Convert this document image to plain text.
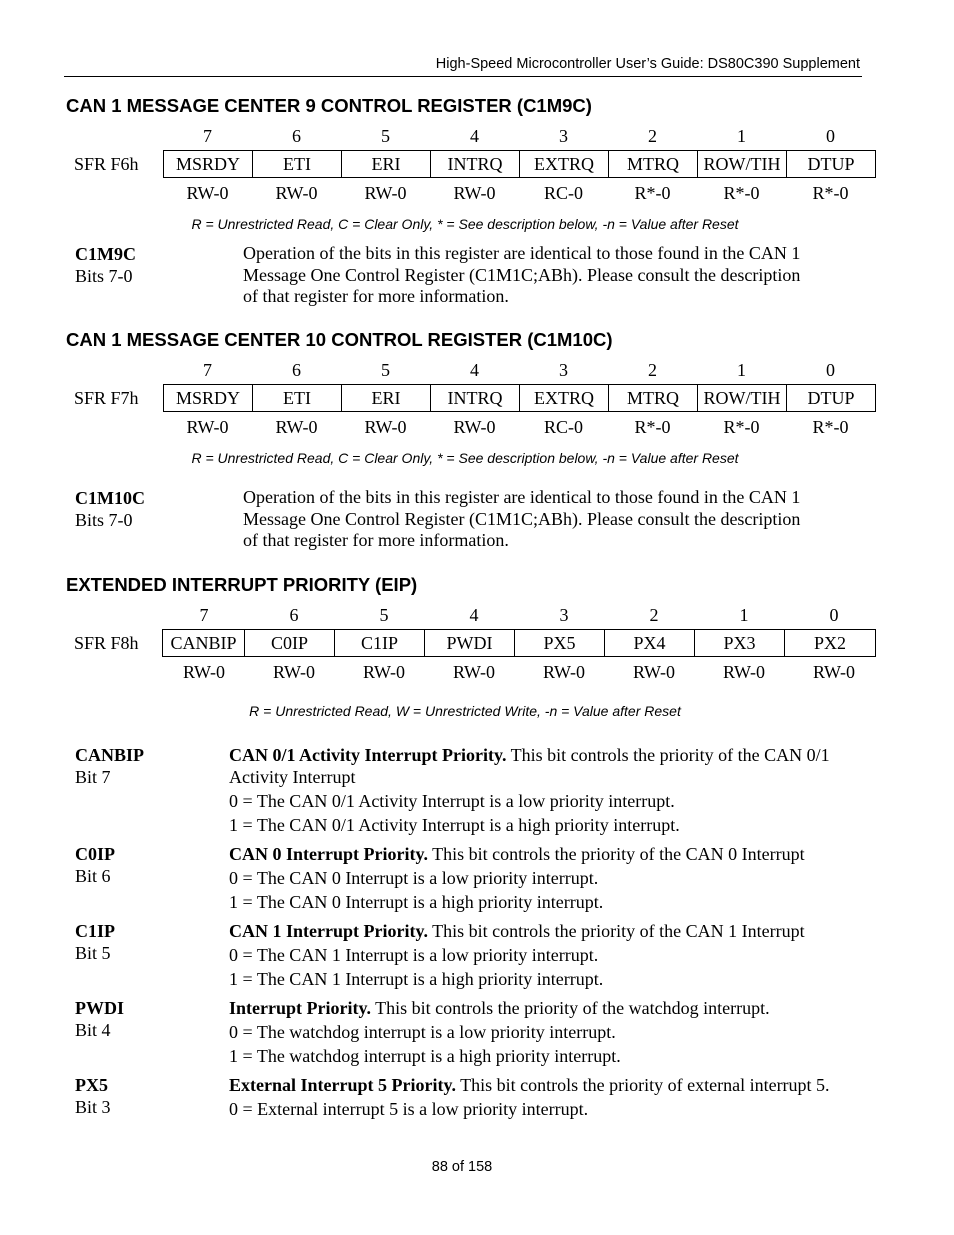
High-Speed Microcontroller User’s Guide: DS80C390 Supplement
CAN 1 MESSAGE CENTER 9 CONTROL REGISTER (C1M9C)
7	6	5	4	3	2	1	0
SFR F6h	MSRDY	ETI	ERI	INTRQ	EXTRQ	MTRQ	ROW/TIH	DTUP
RW-0	RW-0	RW-0	RW-0	RC-0	R*-0	R*-0	R*-0
R = Unrestricted Read, C = Clear Only, * = See description below, -n = Value after Reset
C1M9C
Bits 7-0
Operation of the bits in this register are identical to those found in the CAN 1
Message One Control Register (C1M1C;ABh). Please consult the description
of that register for more information.
CAN 1 MESSAGE CENTER 10 CONTROL REGISTER (C1M10C)
7	6	5	4	3	2	1	0
SFR F7h	MSRDY	ETI	ERI	INTRQ	EXTRQ	MTRQ	ROW/TIH	DTUP
RW-0	RW-0	RW-0	RW-0	RC-0	R*-0	R*-0	R*-0
R = Unrestricted Read, C = Clear Only, * = See description below, -n = Value after Reset
C1M10C
Bits 7-0
Operation of the bits in this register are identical to those found in the CAN 1
Message One Control Register (C1M1C;ABh). Please consult the description
of that register for more information.
EXTENDED INTERRUPT PRIORITY (EIP)
7	6	5	4	3	2	1	0
SFR F8h	CANBIP	C0IP	C1IP	PWDI	PX5	PX4	PX3	PX2
RW-0	RW-0	RW-0	RW-0	RW-0	RW-0	RW-0	RW-0
R = Unrestricted Read, W = Unrestricted Write, -n = Value after Reset
CANBIP
Bit 7

CAN 0/1 Activity Interrupt Priority. This bit controls the priority of the CAN 0/1
Activity Interrupt

0 = The CAN 0/1 Activity Interrupt is a low priority interrupt.

1 = The CAN 0/1 Activity Interrupt is a high priority interrupt.

C0IP
Bit 6

CAN 0 Interrupt Priority. This bit controls the priority of the CAN 0 Interrupt

0 = The CAN 0 Interrupt is a low priority interrupt.

1 = The CAN 0 Interrupt is a high priority interrupt.

C1IP
Bit 5

CAN 1 Interrupt Priority. This bit controls the priority of the CAN 1 Interrupt

0 = The CAN 1 Interrupt is a low priority interrupt.

1 = The CAN 1 Interrupt is a high priority interrupt.

PWDI
Bit 4

Interrupt Priority. This bit controls the priority of the watchdog interrupt.

0 = The watchdog interrupt is a low priority interrupt.

1 = The watchdog interrupt is a high priority interrupt.

PX5
Bit 3

External Interrupt 5 Priority. This bit controls the priority of external interrupt 5.

0 = External interrupt 5 is a low priority interrupt.

88 of 158
